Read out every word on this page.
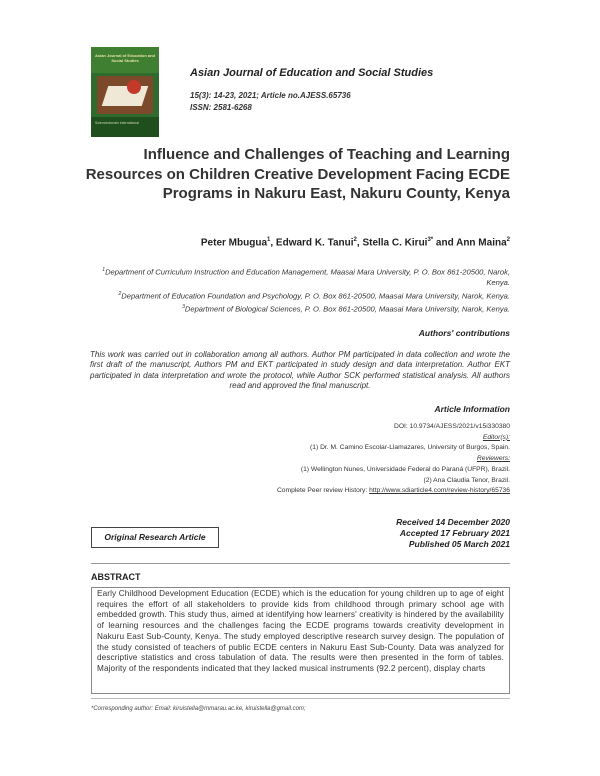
Asian Journal of Education and Social Studies
Sciencedomain international
Asian Journal of Education and Social Studies
15(3): 14-23, 2021; Article no.AJESS.65736
ISSN: 2581-6268
Influence and Challenges of Teaching and Learning Resources on Children Creative Development Facing ECDE Programs in Nakuru East, Nakuru County, Kenya
Peter Mbugua$^1$, Edward K. Tanui$^2$, Stella C. Kirui$^{3*}$ and Ann Maina$^2$
$^1$Department of Curriculum Instruction and Education Management, Maasai Mara University, P. O. Box 861-20500, Narok, Kenya.
$^2$Department of Education Foundation and Psychology, P. O. Box 861-20500, Maasai Mara University, Narok, Kenya.
$^3$Department of Biological Sciences, P. O. Box 861-20500, Maasai Mara University, Narok, Kenya.
Authors' contributions
This work was carried out in collaboration among all authors. Author PM participated in data collection and wrote the first draft of the manuscript, Authors PM and EKT participated in study design and data interpretation. Author EKT participated in data interpretation and wrote the protocol, while Author SCK performed statistical analysis. All authors read and approved the final manuscript.
Article Information
DOI: 10.9734/AJESS/2021/v15i330380
Editor(s):
(1) Dr. M. Camino Escolar-Llamazares, University of Burgos, Spain.
Reviewers:
(1) Wellington Nunes, Universidade Federal do Paraná (UFPR), Brazil.
(2) Ana Claudia Tenor, Brazil.
Complete Peer review History: http://www.sdiarticle4.com/review-history/65736
Original Research Article
Received 14 December 2020
Accepted 17 February 2021
Published 05 March 2021
ABSTRACT
Early Childhood Development Education (ECDE) which is the education for young children up to age of eight requires the effort of all stakeholders to provide kids from childhood through primary school age with embedded growth. This study thus, aimed at identifying how learners' creativity is hindered by the availability of learning resources and the challenges facing the ECDE programs towards creativity development in Nakuru East Sub-County, Kenya. The study employed descriptive research survey design. The population of the study consisted of teachers of public ECDE centers in Nakuru East Sub-County. Data was analyzed for descriptive statistics and cross tabulation of data. The results were then presented in the form of tables. Majority of the respondents indicated that they lacked musical instruments (92.2 percent), display charts
*Corresponding author: Email: kiruistella@mmarau.ac.ke, kiruistella@gmail.com;
